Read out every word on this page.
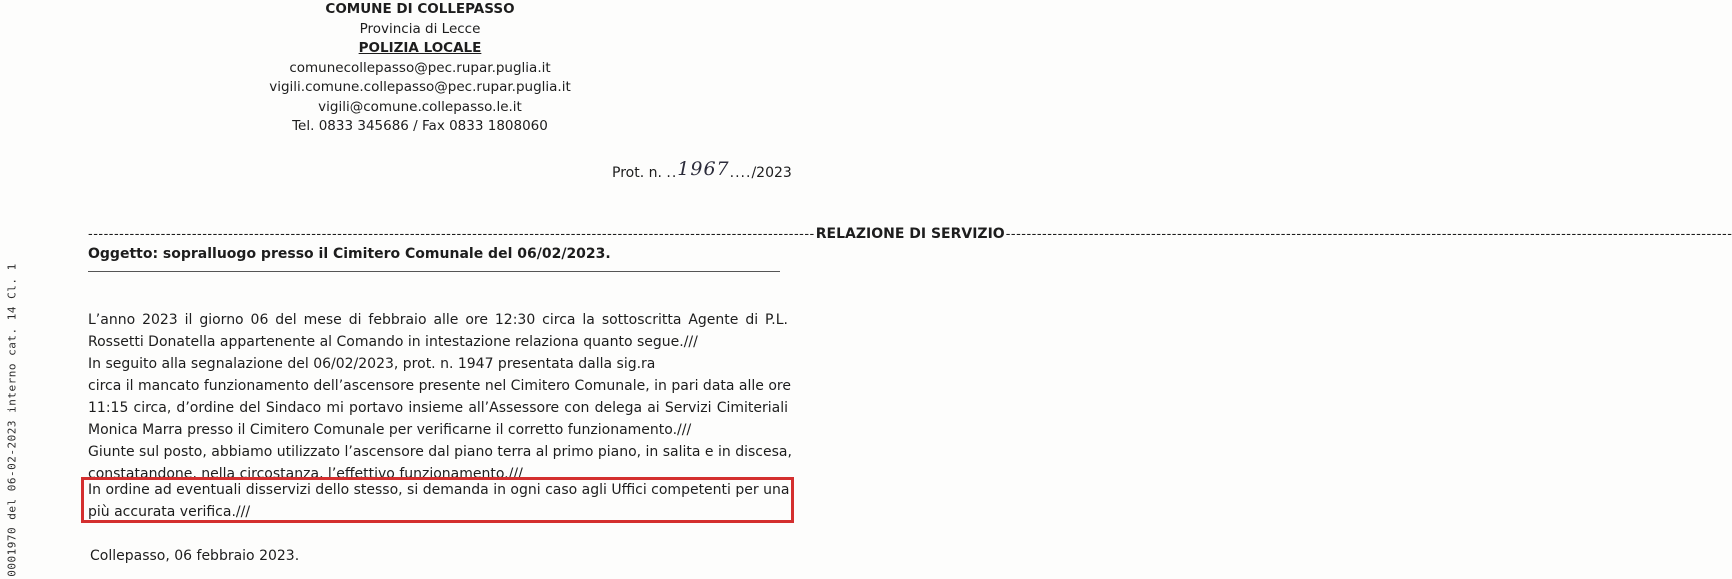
0001970 del 06-02-2023 interno cat. 14 Cl. 1
COMUNE DI COLLEPASSO
Provincia di Lecce
POLIZIA LOCALE
comunecollepasso@pec.rupar.puglia.it
vigili.comune.collepasso@pec.rupar.puglia.it
vigili@comune.collepasso.le.it
Tel. 0833 345686 / Fax 0833 1808060
Prot. n. ..1967..../2023
-------------------------------------------------------------------------------------------------------------------------------------------- RELAZIONE DI SERVIZIO --------------------------------------------------------------------------------------------------------------------------------------------
Oggetto: sopralluogo presso il Cimitero Comunale del 06/02/2023.

L’anno 2023 il giorno 06 del mese di febbraio alle ore 12:30 circa la sottoscritta Agente di P.L.

Rossetti Donatella appartenente al Comando in intestazione relaziona quanto segue.///

In seguito alla segnalazione del 06/02/2023, prot. n. 1947 presentata dalla sig.ra

circa il mancato funzionamento dell’ascensore presente nel Cimitero Comunale, in pari data alle ore

11:15 circa, d’ordine del Sindaco mi portavo insieme all’Assessore con delega ai Servizi Cimiteriali

Monica Marra presso il Cimitero Comunale per verificarne il corretto funzionamento.///

Giunte sul posto, abbiamo utilizzato l’ascensore dal piano terra al primo piano, in salita e in discesa,

constatandone, nella circostanza, l’effettivo funzionamento.///

In ordine ad eventuali disservizi dello stesso, si demanda in ogni caso agli Uffici competenti per una

più accurata verifica.///

Collepasso, 06 febbraio 2023.
